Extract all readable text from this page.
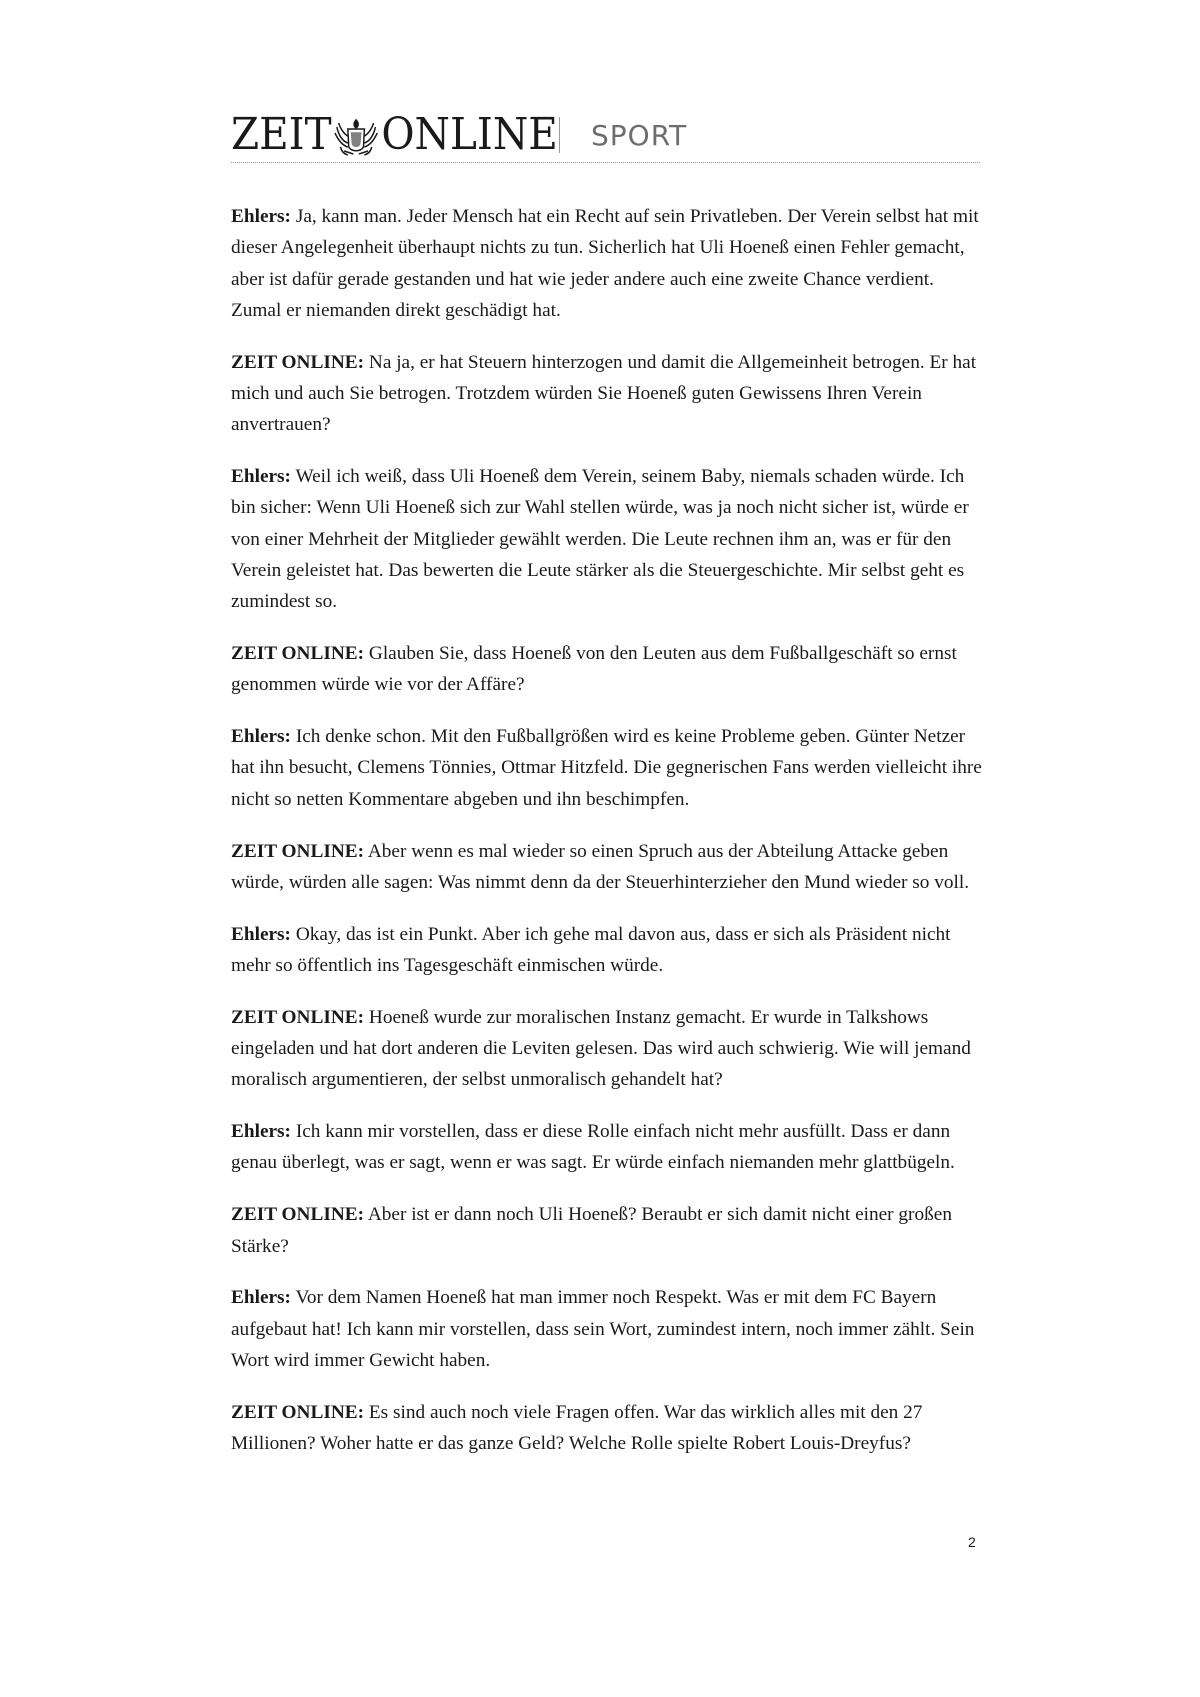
ZEIT ONLINE SPORT

Ehlers: Ja, kann man. Jeder Mensch hat ein Recht auf sein Privatleben. Der Verein selbst hat mit dieser Angelegenheit überhaupt nichts zu tun. Sicherlich hat Uli Hoeneß einen Fehler gemacht, aber ist dafür gerade gestanden und hat wie jeder andere auch eine zweite Chance verdient. Zumal er niemanden direkt geschädigt hat.

ZEIT ONLINE: Na ja, er hat Steuern hinterzogen und damit die Allgemeinheit betrogen. Er hat mich und auch Sie betrogen. Trotzdem würden Sie Hoeneß guten Gewissens Ihren Verein anvertrauen?

Ehlers: Weil ich weiß, dass Uli Hoeneß dem Verein, seinem Baby, niemals schaden würde. Ich bin sicher: Wenn Uli Hoeneß sich zur Wahl stellen würde, was ja noch nicht sicher ist, würde er von einer Mehrheit der Mitglieder gewählt werden. Die Leute rechnen ihm an, was er für den Verein geleistet hat. Das bewerten die Leute stärker als die Steuergeschichte. Mir selbst geht es zumindest so.

ZEIT ONLINE: Glauben Sie, dass Hoeneß von den Leuten aus dem Fußballgeschäft so ernst genommen würde wie vor der Affäre?

Ehlers: Ich denke schon. Mit den Fußballgrößen wird es keine Probleme geben. Günter Netzer hat ihn besucht, Clemens Tönnies, Ottmar Hitzfeld. Die gegnerischen Fans werden vielleicht ihre nicht so netten Kommentare abgeben und ihn beschimpfen.

ZEIT ONLINE: Aber wenn es mal wieder so einen Spruch aus der Abteilung Attacke geben würde, würden alle sagen: Was nimmt denn da der Steuerhinterzieher den Mund wieder so voll.

Ehlers: Okay, das ist ein Punkt. Aber ich gehe mal davon aus, dass er sich als Präsident nicht mehr so öffentlich ins Tagesgeschäft einmischen würde.

ZEIT ONLINE: Hoeneß wurde zur moralischen Instanz gemacht. Er wurde in Talkshows eingeladen und hat dort anderen die Leviten gelesen. Das wird auch schwierig. Wie will jemand moralisch argumentieren, der selbst unmoralisch gehandelt hat?

Ehlers: Ich kann mir vorstellen, dass er diese Rolle einfach nicht mehr ausfüllt. Dass er dann genau überlegt, was er sagt, wenn er was sagt. Er würde einfach niemanden mehr glattbügeln.

ZEIT ONLINE: Aber ist er dann noch Uli Hoeneß? Beraubt er sich damit nicht einer großen Stärke?

Ehlers: Vor dem Namen Hoeneß hat man immer noch Respekt. Was er mit dem FC Bayern aufgebaut hat! Ich kann mir vorstellen, dass sein Wort, zumindest intern, noch immer zählt. Sein Wort wird immer Gewicht haben.

ZEIT ONLINE: Es sind auch noch viele Fragen offen. War das wirklich alles mit den 27 Millionen? Woher hatte er das ganze Geld? Welche Rolle spielte Robert Louis-Dreyfus?

2
